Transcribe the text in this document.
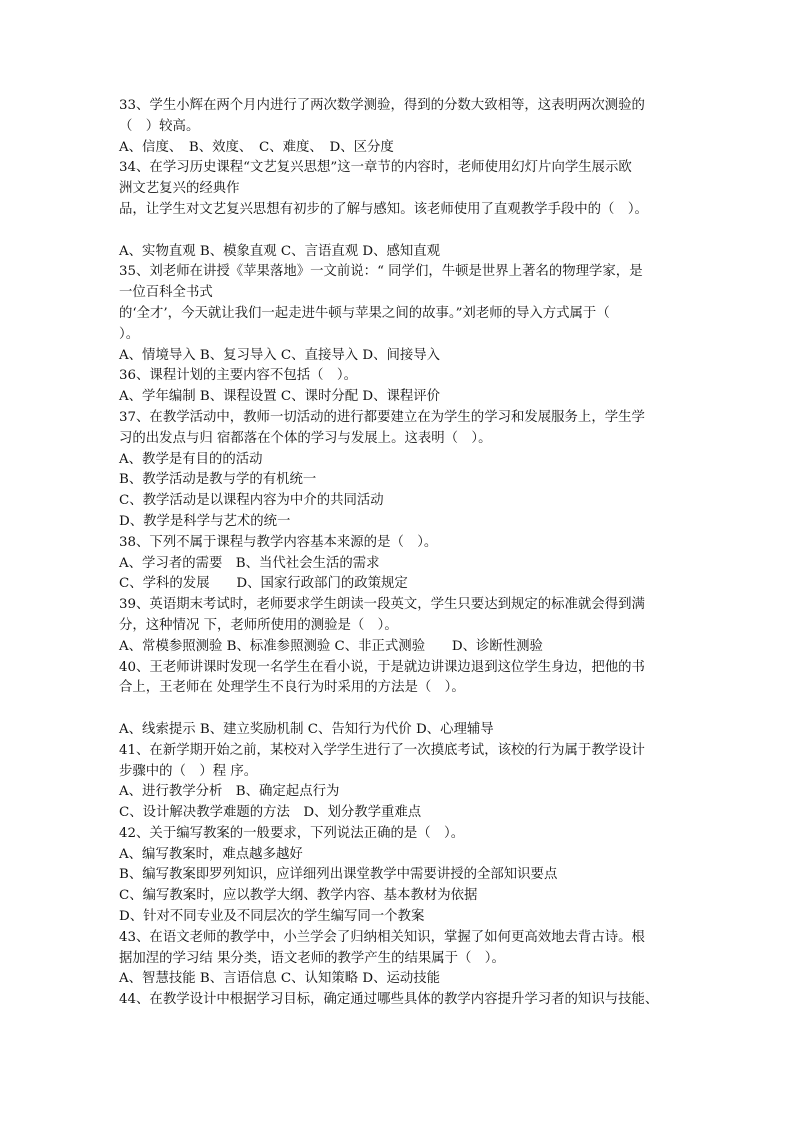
33、学生小辉在两个月内进行了两次数学测验，得到的分数大致相等，这表明两次测验的
（　）较高。
A、信度、　B、效度、　C、难度、　D、区分度
34、在学习历史课程“文艺复兴思想”这一章节的内容时，老师使用幻灯片向学生展示欧
洲文艺复兴的经典作
品，让学生对文艺复兴思想有初步的了解与感知。该老师使用了直观教学手段中的（　）。
A、实物直观 B、模象直观 C、言语直观 D、感知直观
35、刘老师在讲授《苹果落地》一文前说：“ 同学们，牛顿是世界上著名的物理学家，是
一位百科全书式
的‘全才’，今天就让我们一起走进牛顿与苹果之间的故事。”刘老师的导入方式属于（
）。
A、情境导入 B、复习导入 C、直接导入 D、间接导入
36、课程计划的主要内容不包括（　）。
A、学年编制 B、课程设置 C、课时分配 D、课程评价
37、在教学活动中，教师一切活动的进行都要建立在为学生的学习和发展服务上，学生学
习的出发点与归 宿都落在个体的学习与发展上。这表明（　）。
A、教学是有目的的活动
B、教学活动是教与学的有机统一
C、教学活动是以课程内容为中介的共同活动
D、教学是科学与艺术的统一
38、下列不属于课程与教学内容基本来源的是（　）。
A、学习者的需要　B、当代社会生活的需求
C、学科的发展　　D、国家行政部门的政策规定
39、英语期末考试时，老师要求学生朗读一段英文，学生只要达到规定的标准就会得到满
分，这种情况 下，老师所使用的测验是（　）。
A、常模参照测验 B、标准参照测验 C、非正式测验　　D、诊断性测验
40、王老师讲课时发现一名学生在看小说，于是就边讲课边退到这位学生身边，把他的书
合上，王老师在 处理学生不良行为时采用的方法是（　）。
A、线索提示 B、建立奖励机制 C、告知行为代价 D、心理辅导
41、在新学期开始之前，某校对入学学生进行了一次摸底考试，该校的行为属于教学设计
步骤中的（　）程 序。
A、进行教学分析　B、确定起点行为
C、设计解决教学难题的方法　D、划分教学重难点
42、关于编写教案的一般要求，下列说法正确的是（　）。
A、编写教案时，难点越多越好
B、编写教案即罗列知识，应详细列出课堂教学中需要讲授的全部知识要点
C、编写教案时，应以教学大纲、教学内容、基本教材为依据
D、针对不同专业及不同层次的学生编写同一个教案
43、在语文老师的教学中，小兰学会了归纳相关知识，掌握了如何更高效地去背古诗。根
据加涅的学习结 果分类，语文老师的教学产生的结果属于（　）。
A、智慧技能 B、言语信息 C、认知策略 D、运动技能
44、在教学设计中根据学习目标，确定通过哪些具体的教学内容提升学习者的知识与技能、
